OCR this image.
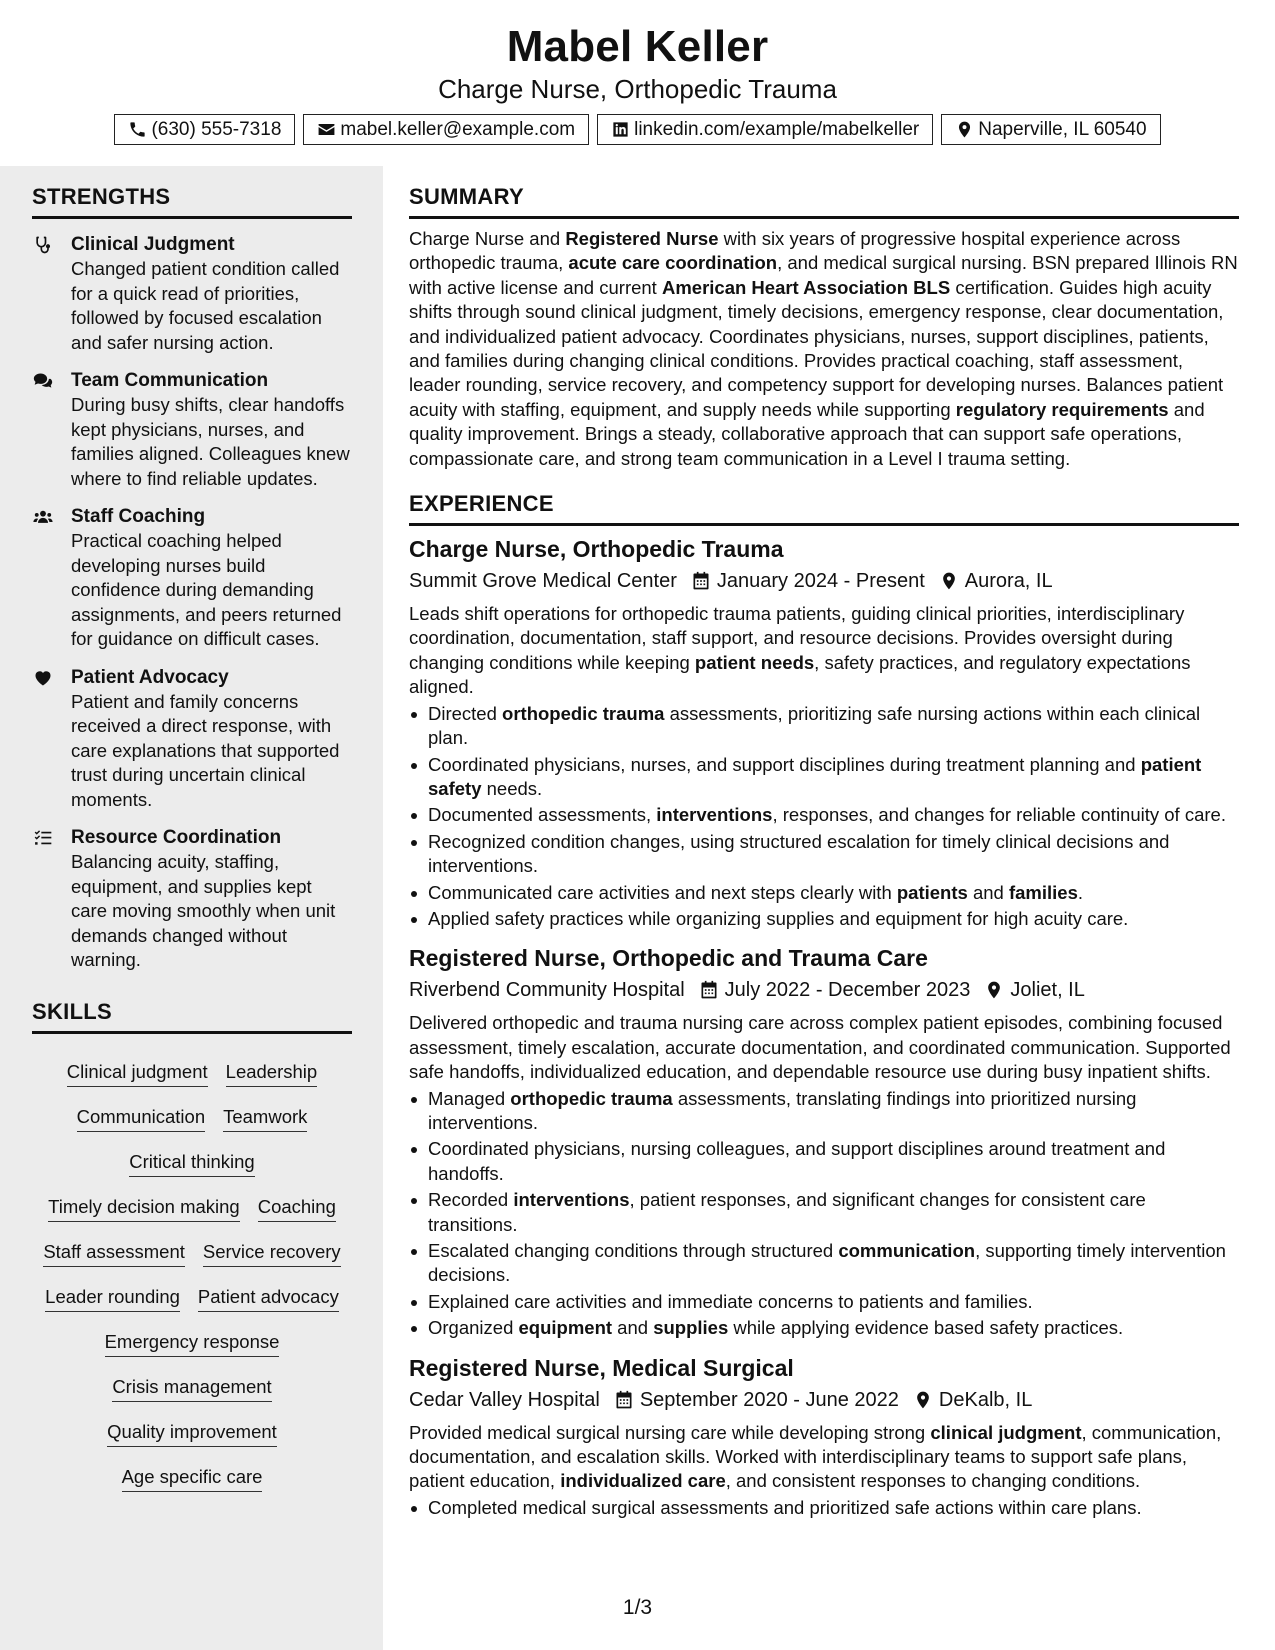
Mabel Keller
Charge Nurse, Orthopedic Trauma
(630) 555-7318	mabel.keller@example.com	linkedin.com/example/mabelkeller	Naperville, IL 60540
STRENGTHS
Clinical Judgment
Changed patient condition called for a quick read of priorities, followed by focused escalation and safer nursing action.
Team Communication
During busy shifts, clear handoffs kept physicians, nurses, and families aligned. Colleagues knew where to find reliable updates.
Staff Coaching
Practical coaching helped developing nurses build confidence during demanding assignments, and peers returned for guidance on difficult cases.
Patient Advocacy
Patient and family concerns received a direct response, with care explanations that supported trust during uncertain clinical moments.
Resource Coordination
Balancing acuity, staffing, equipment, and supplies kept care moving smoothly when unit demands changed without warning.
SKILLS
Clinical judgment Leadership
Communication Teamwork
Critical thinking
Timely decision making Coaching
Staff assessment Service recovery
Leader rounding Patient advocacy
Emergency response
Crisis management
Quality improvement
Age specific care
SUMMARY

Charge Nurse and Registered Nurse with six years of progressive hospital experience across orthopedic trauma, acute care coordination, and medical surgical nursing. BSN prepared Illinois RN with active license and current American Heart Association BLS certification. Guides high acuity shifts through sound clinical judgment, timely decisions, emergency response, clear documentation, and individualized patient advocacy. Coordinates physicians, nurses, support disciplines, patients, and families during changing clinical conditions. Provides practical coaching, staff assessment, leader rounding, service recovery, and competency support for developing nurses. Balances patient acuity with staffing, equipment, and supply needs while supporting regulatory requirements and quality improvement. Brings a steady, collaborative approach that can support safe operations, compassionate care, and strong team communication in a Level I trauma setting.

EXPERIENCE
Charge Nurse, Orthopedic Trauma
Summit Grove Medical Center January 2024 - Present Aurora, IL

Leads shift operations for orthopedic trauma patients, guiding clinical priorities, interdisciplinary coordination, documentation, staff support, and resource decisions. Provides oversight during changing conditions while keeping patient needs, safety practices, and regulatory expectations aligned.

Directed orthopedic trauma assessments, prioritizing safe nursing actions within each clinical plan.
Coordinated physicians, nurses, and support disciplines during treatment planning and patient safety needs.
Documented assessments, interventions, responses, and changes for reliable continuity of care.
Recognized condition changes, using structured escalation for timely clinical decisions and interventions.
Communicated care activities and next steps clearly with patients and families.
Applied safety practices while organizing supplies and equipment for high acuity care.
Registered Nurse, Orthopedic and Trauma Care
Riverbend Community Hospital July 2022 - December 2023 Joliet, IL

Delivered orthopedic and trauma nursing care across complex patient episodes, combining focused assessment, timely escalation, accurate documentation, and coordinated communication. Supported safe handoffs, individualized education, and dependable resource use during busy inpatient shifts.

Managed orthopedic trauma assessments, translating findings into prioritized nursing interventions.
Coordinated physicians, nursing colleagues, and support disciplines around treatment and handoffs.
Recorded interventions, patient responses, and significant changes for consistent care transitions.
Escalated changing conditions through structured communication, supporting timely intervention decisions.
Explained care activities and immediate concerns to patients and families.
Organized equipment and supplies while applying evidence based safety practices.
Registered Nurse, Medical Surgical
Cedar Valley Hospital September 2020 - June 2022 DeKalb, IL

Provided medical surgical nursing care while developing strong clinical judgment, communication, documentation, and escalation skills. Worked with interdisciplinary teams to support safe plans, patient education, individualized care, and consistent responses to changing conditions.

Completed medical surgical assessments and prioritized safe actions within care plans.
1/3
